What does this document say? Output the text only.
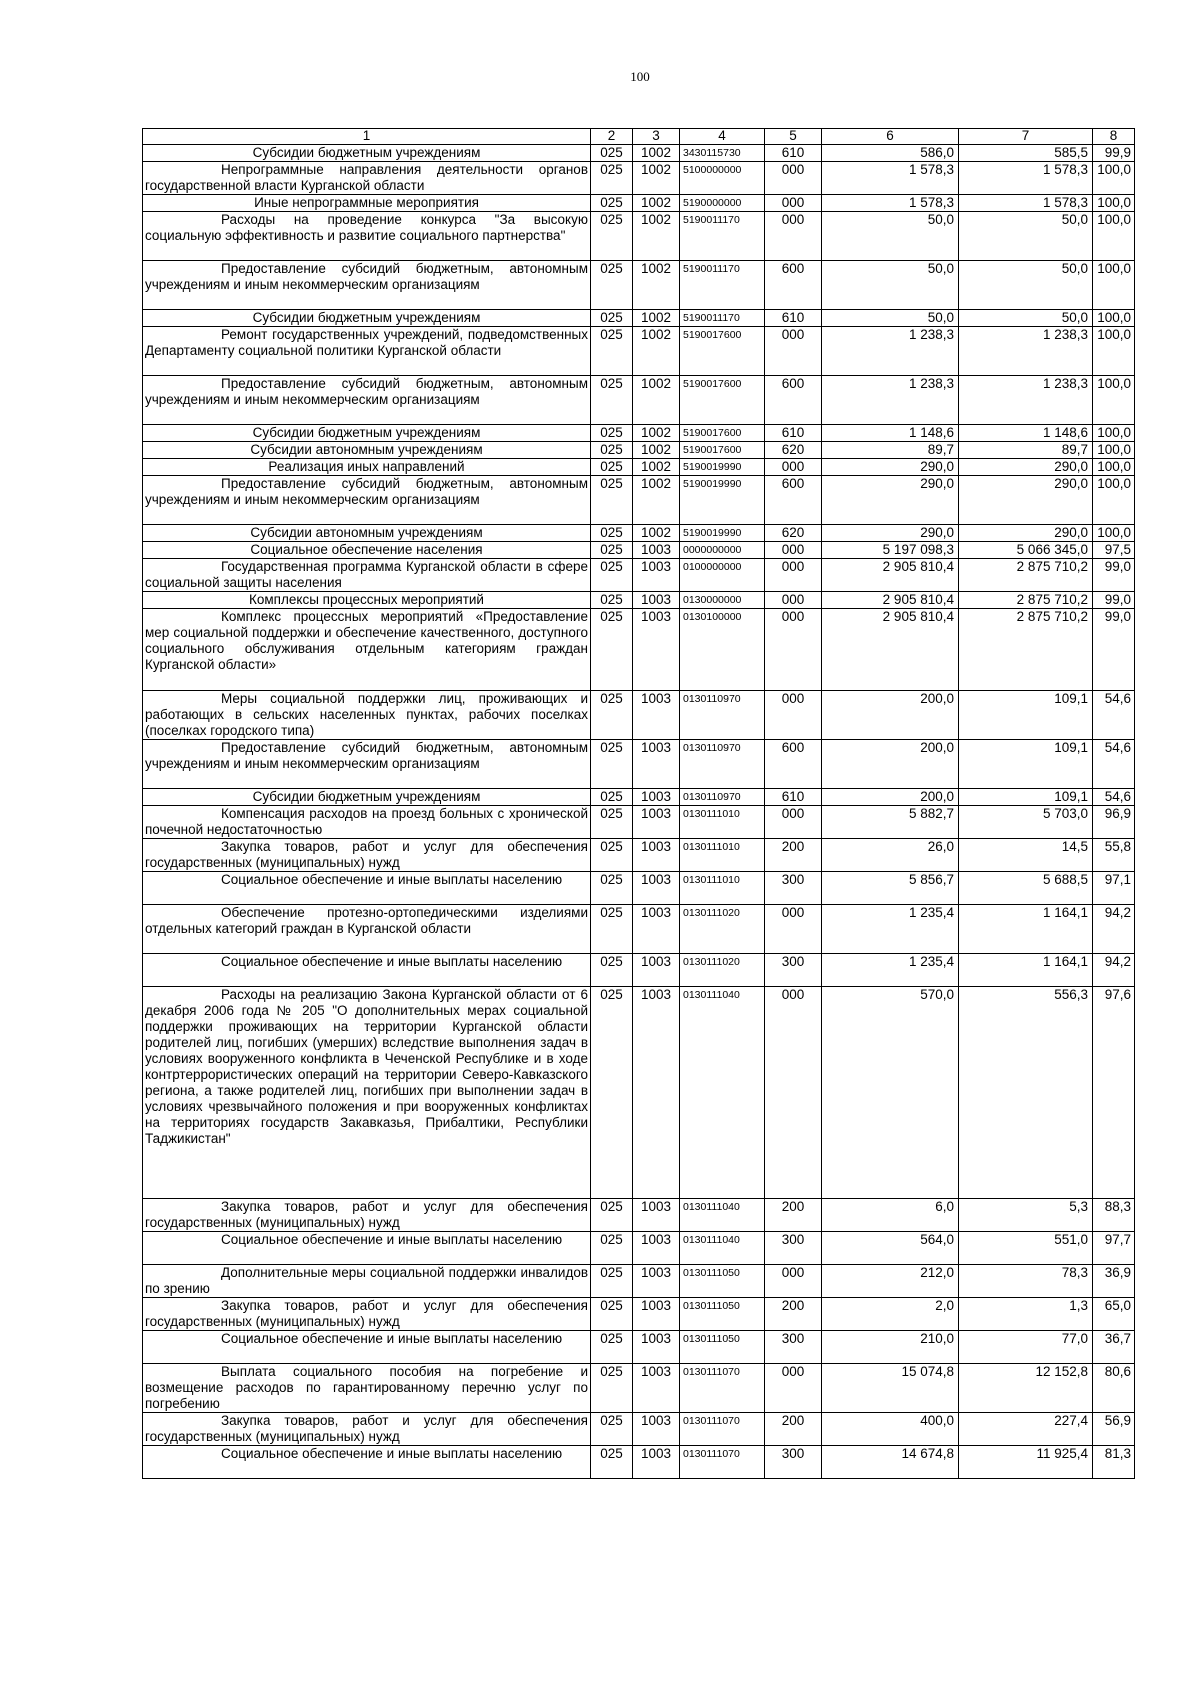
100
1	2	3	4	5	6	7	8
Субсидии бюджетным учреждениям	025	1002	3430115730	610	586,0	585,5	99,9
Непрограммные направления деятельности органов государственной власти Курганской области	025	1002	5100000000	000	1 578,3	1 578,3	100,0
Иные непрограммные мероприятия	025	1002	5190000000	000	1 578,3	1 578,3	100,0
Расходы на проведение конкурса "За высокую социальную эффективность и развитие социального партнерства"	025	1002	5190011170	000	50,0	50,0	100,0
Предоставление субсидий бюджетным, автономным учреждениям и иным некоммерческим организациям	025	1002	5190011170	600	50,0	50,0	100,0
Субсидии бюджетным учреждениям	025	1002	5190011170	610	50,0	50,0	100,0
Ремонт государственных учреждений, подведомственных Департаменту социальной политики Курганской области	025	1002	5190017600	000	1 238,3	1 238,3	100,0
Предоставление субсидий бюджетным, автономным учреждениям и иным некоммерческим организациям	025	1002	5190017600	600	1 238,3	1 238,3	100,0
Субсидии бюджетным учреждениям	025	1002	5190017600	610	1 148,6	1 148,6	100,0
Субсидии автономным учреждениям	025	1002	5190017600	620	89,7	89,7	100,0
Реализация иных направлений	025	1002	5190019990	000	290,0	290,0	100,0
Предоставление субсидий бюджетным, автономным учреждениям и иным некоммерческим организациям	025	1002	5190019990	600	290,0	290,0	100,0
Субсидии автономным учреждениям	025	1002	5190019990	620	290,0	290,0	100,0
Социальное обеспечение населения	025	1003	0000000000	000	5 197 098,3	5 066 345,0	97,5
Государственная программа Курганской области в сфере социальной защиты населения	025	1003	0100000000	000	2 905 810,4	2 875 710,2	99,0
Комплексы процессных мероприятий	025	1003	0130000000	000	2 905 810,4	2 875 710,2	99,0
Комплекс процессных мероприятий «Предоставление мер социальной поддержки и обеспечение качественного, доступного социального обслуживания отдельным категориям граждан Курганской области»	025	1003	0130100000	000	2 905 810,4	2 875 710,2	99,0
Меры социальной поддержки лиц, проживающих и работающих в сельских населенных пунктах, рабочих поселках (поселках городского типа)	025	1003	0130110970	000	200,0	109,1	54,6
Предоставление субсидий бюджетным, автономным учреждениям и иным некоммерческим организациям	025	1003	0130110970	600	200,0	109,1	54,6
Субсидии бюджетным учреждениям	025	1003	0130110970	610	200,0	109,1	54,6
Компенсация расходов на проезд больных с хронической почечной недостаточностью	025	1003	0130111010	000	5 882,7	5 703,0	96,9
Закупка товаров, работ и услуг для обеспечения государственных (муниципальных) нужд	025	1003	0130111010	200	26,0	14,5	55,8
Социальное обеспечение и иные выплаты населению	025	1003	0130111010	300	5 856,7	5 688,5	97,1
Обеспечение протезно-ортопедическими изделиями отдельных категорий граждан в Курганской области	025	1003	0130111020	000	1 235,4	1 164,1	94,2
Социальное обеспечение и иные выплаты населению	025	1003	0130111020	300	1 235,4	1 164,1	94,2
Расходы на реализацию Закона Курганской области от 6 декабря 2006 года № 205 "О дополнительных мерах социальной поддержки проживающих на территории Курганской области родителей лиц, погибших (умерших) вследствие выполнения задач в условиях вооруженного конфликта в Чеченской Республике и в ходе контртеррористических операций на территории Северо-Кавказского региона, а также родителей лиц, погибших при выполнении задач в условиях чрезвычайного положения и при вооруженных конфликтах на территориях государств Закавказья, Прибалтики, Республики Таджикистан"	025	1003	0130111040	000	570,0	556,3	97,6
Закупка товаров, работ и услуг для обеспечения государственных (муниципальных) нужд	025	1003	0130111040	200	6,0	5,3	88,3
Социальное обеспечение и иные выплаты населению	025	1003	0130111040	300	564,0	551,0	97,7
Дополнительные меры социальной поддержки инвалидов по зрению	025	1003	0130111050	000	212,0	78,3	36,9
Закупка товаров, работ и услуг для обеспечения государственных (муниципальных) нужд	025	1003	0130111050	200	2,0	1,3	65,0
Социальное обеспечение и иные выплаты населению	025	1003	0130111050	300	210,0	77,0	36,7
Выплата социального пособия на погребение и возмещение расходов по гарантированному перечню услуг по погребению	025	1003	0130111070	000	15 074,8	12 152,8	80,6
Закупка товаров, работ и услуг для обеспечения государственных (муниципальных) нужд	025	1003	0130111070	200	400,0	227,4	56,9
Социальное обеспечение и иные выплаты населению	025	1003	0130111070	300	14 674,8	11 925,4	81,3
